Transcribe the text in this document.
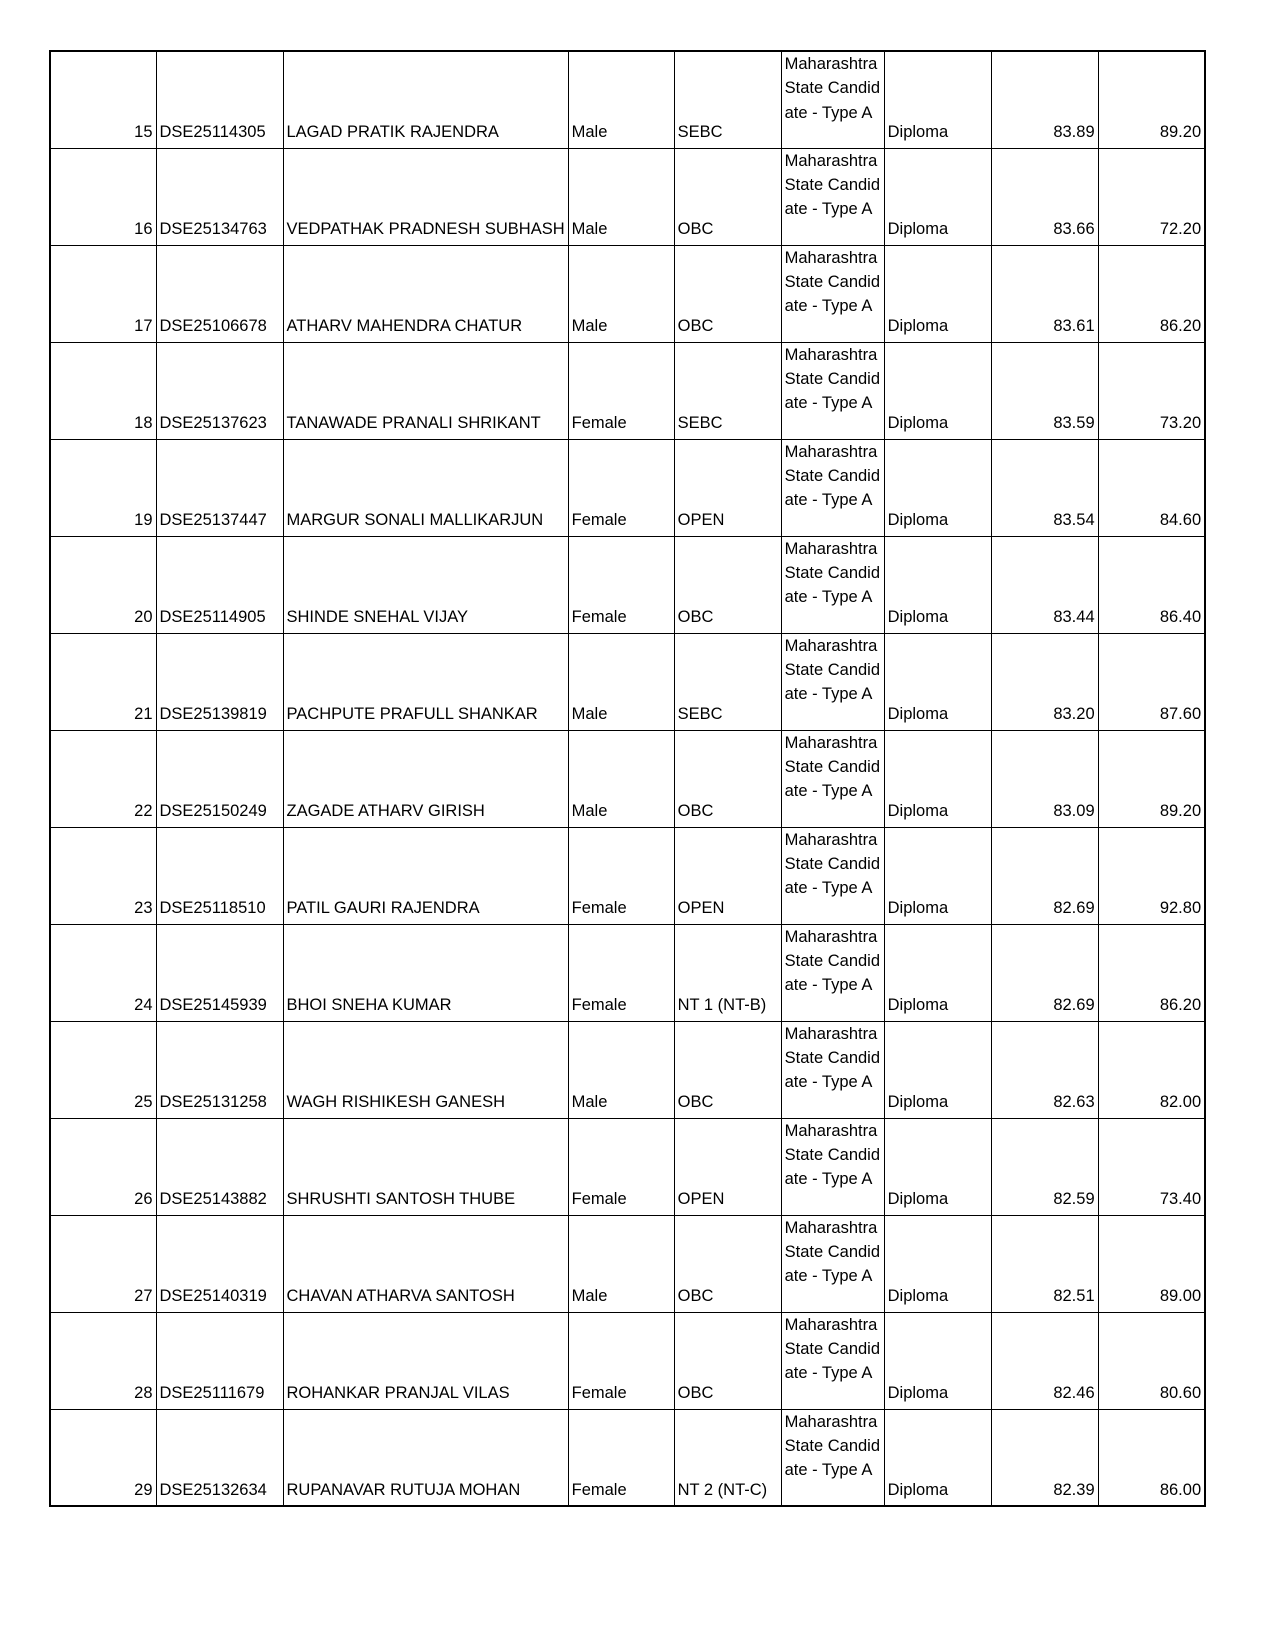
15	DSE25114305	LAGAD PRATIK RAJENDRA	Male	SEBC	Maharashtra State Candidate - Type A	Diploma	83.89	89.20
16	DSE25134763	VEDPATHAK PRADNESH SUBHASH	Male	OBC	Maharashtra State Candidate - Type A	Diploma	83.66	72.20
17	DSE25106678	ATHARV MAHENDRA CHATUR	Male	OBC	Maharashtra State Candidate - Type A	Diploma	83.61	86.20
18	DSE25137623	TANAWADE PRANALI SHRIKANT	Female	SEBC	Maharashtra State Candidate - Type A	Diploma	83.59	73.20
19	DSE25137447	MARGUR SONALI MALLIKARJUN	Female	OPEN	Maharashtra State Candidate - Type A	Diploma	83.54	84.60
20	DSE25114905	SHINDE SNEHAL VIJAY	Female	OBC	Maharashtra State Candidate - Type A	Diploma	83.44	86.40
21	DSE25139819	PACHPUTE PRAFULL SHANKAR	Male	SEBC	Maharashtra State Candidate - Type A	Diploma	83.20	87.60
22	DSE25150249	ZAGADE ATHARV GIRISH	Male	OBC	Maharashtra State Candidate - Type A	Diploma	83.09	89.20
23	DSE25118510	PATIL GAURI RAJENDRA	Female	OPEN	Maharashtra State Candidate - Type A	Diploma	82.69	92.80
24	DSE25145939	BHOI SNEHA KUMAR	Female	NT 1 (NT-B)	Maharashtra State Candidate - Type A	Diploma	82.69	86.20
25	DSE25131258	WAGH RISHIKESH GANESH	Male	OBC	Maharashtra State Candidate - Type A	Diploma	82.63	82.00
26	DSE25143882	SHRUSHTI SANTOSH THUBE	Female	OPEN	Maharashtra State Candidate - Type A	Diploma	82.59	73.40
27	DSE25140319	CHAVAN ATHARVA SANTOSH	Male	OBC	Maharashtra State Candidate - Type A	Diploma	82.51	89.00
28	DSE25111679	ROHANKAR PRANJAL VILAS	Female	OBC	Maharashtra State Candidate - Type A	Diploma	82.46	80.60
29	DSE25132634	RUPANAVAR RUTUJA MOHAN	Female	NT 2 (NT-C)	Maharashtra State Candidate - Type A	Diploma	82.39	86.00
